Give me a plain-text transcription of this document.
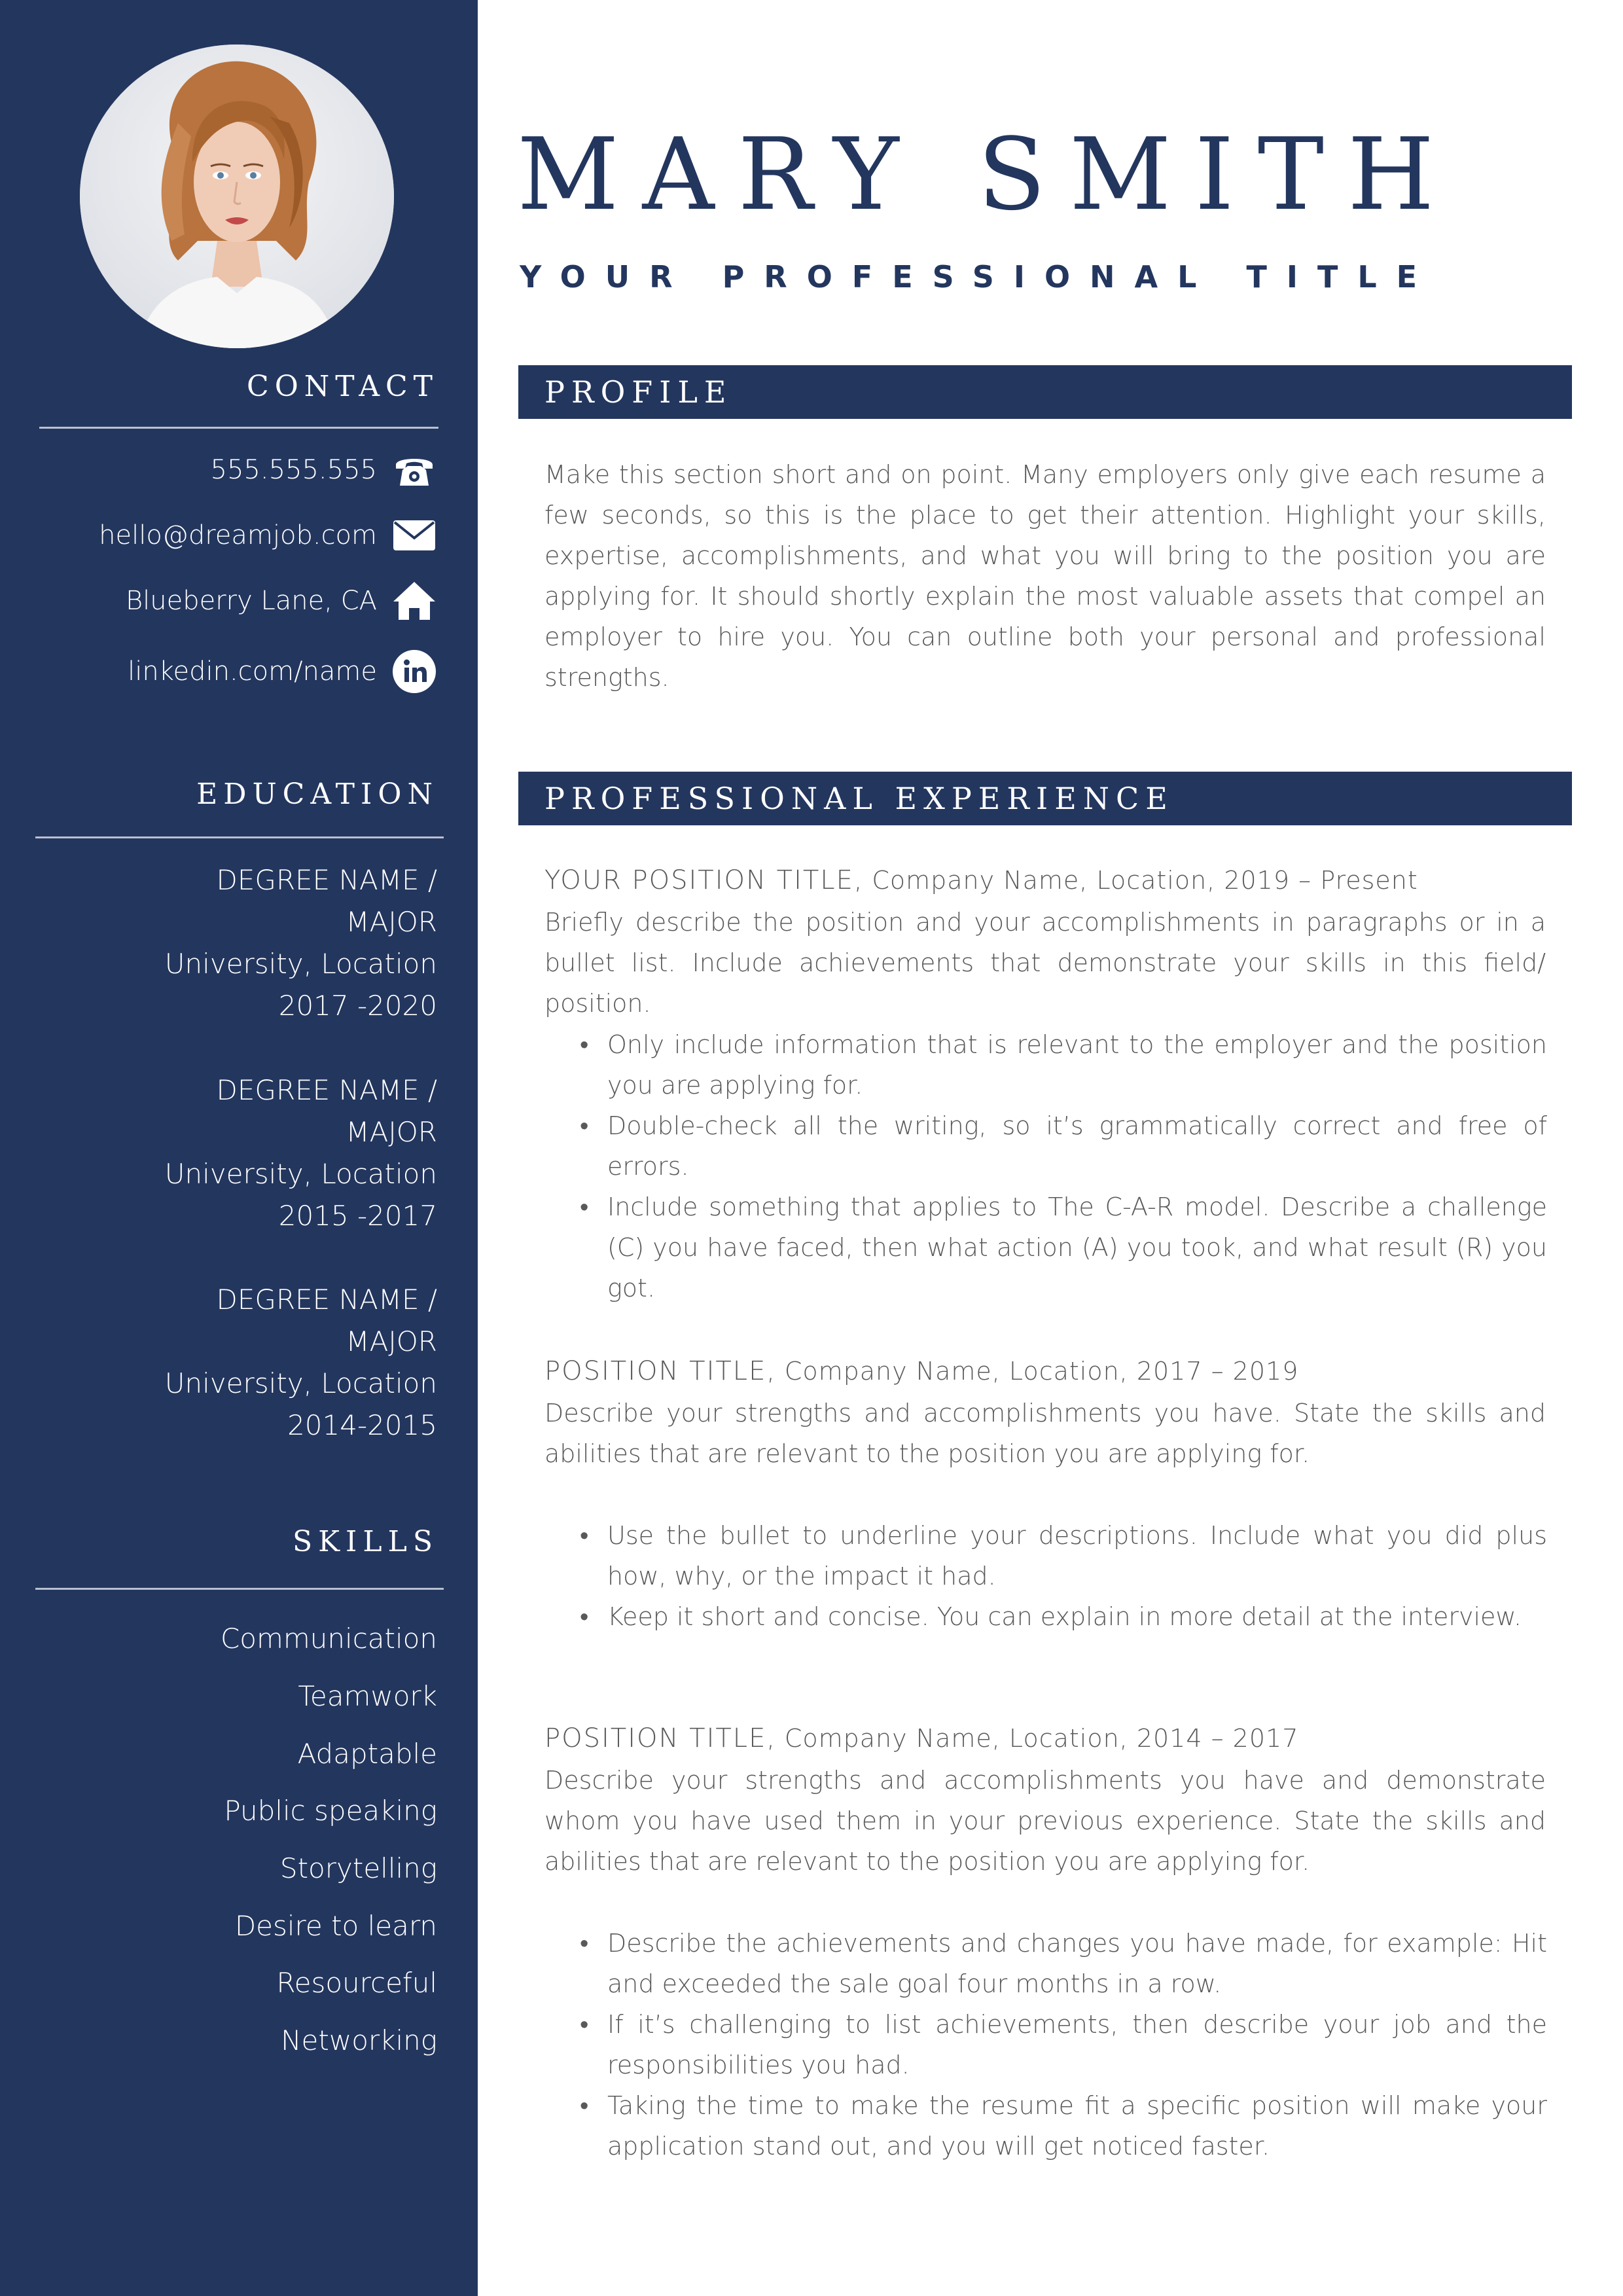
CONTACT
555.555.555
hello@dreamjob.com
Blueberry Lane, CA
linkedin.com/name
EDUCATION
DEGREE NAME /
MAJOR
University, Location
2017 -2020
DEGREE NAME /
MAJOR
University, Location
2015 -2017
DEGREE NAME /
MAJOR
University, Location
2014-2015
SKILLS
Communication
Teamwork
Adaptable
Public speaking
Storytelling
Desire to learn
Resourceful
Networking
MARY SMITH
YOUR PROFESSIONAL TITLE
PROFILE

Make this section short and on point. Many employers only give each resume a few seconds, so this is the place to get their attention. Highlight your skills, expertise, accomplishments, and what you will bring to the position you are applying for. It should shortly explain the most valuable assets that compel an employer to hire you. You can outline both your personal and professional strengths.

PROFESSIONAL EXPERIENCE
YOUR POSITION TITLE, Company Name, Location, 2019 – Present

Briefly describe the position and your accomplishments in paragraphs or in a bullet list. Include achievements that demonstrate your skills in this field/ position.

• Only include information that is relevant to the employer and the position you are applying for.
• Double-check all the writing, so it’s grammatically correct and free of errors.
• Include something that applies to The C-A-R model. Describe a challenge (C) you have faced, then what action (A) you took, and what result (R) you got.
POSITION TITLE, Company Name, Location, 2017 – 2019

Describe your strengths and accomplishments you have. State the skills and abilities that are relevant to the position you are applying for.

• Use the bullet to underline your descriptions. Include what you did plus how, why, or the impact it had.
• Keep it short and concise. You can explain in more detail at the interview.
POSITION TITLE, Company Name, Location, 2014 – 2017

Describe your strengths and accomplishments you have and demonstrate whom you have used them in your previous experience. State the skills and abilities that are relevant to the position you are applying for.

• Describe the achievements and changes you have made, for example: Hit and exceeded the sale goal four months in a row.
• If it’s challenging to list achievements, then describe your job and the responsibilities you had.
• Taking the time to make the resume fit a specific position will make your application stand out, and you will get noticed faster.
